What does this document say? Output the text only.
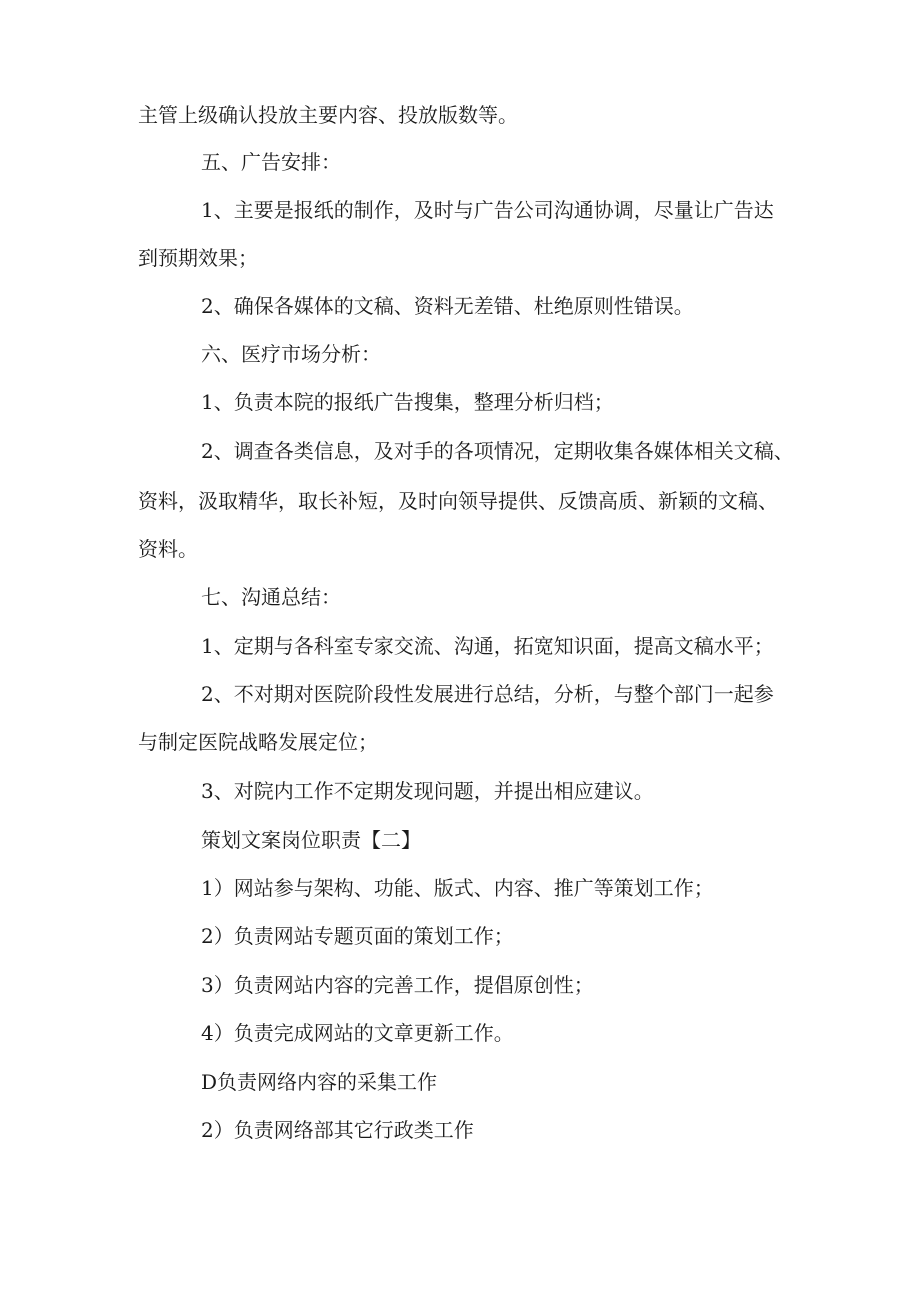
主管上级确认投放主要内容、投放版数等。

五、广告安排：

1、主要是报纸的制作，及时与广告公司沟通协调，尽量让广告达

到预期效果；

2、确保各媒体的文稿、资料无差错、杜绝原则性错误。

六、医疗市场分析：

1、负责本院的报纸广告搜集，整理分析归档；

2、调查各类信息，及对手的各项情况，定期收集各媒体相关文稿、

资料，汲取精华，取长补短，及时向领导提供、反馈高质、新颖的文稿、

资料。

七、沟通总结：

1、定期与各科室专家交流、沟通，拓宽知识面，提高文稿水平；

2、不对期对医院阶段性发展进行总结，分析，与整个部门一起参

与制定医院战略发展定位；

3、对院内工作不定期发现问题，并提出相应建议。

策划文案岗位职责【二】

1）网站参与架构、功能、版式、内容、推广等策划工作；

2）负责网站专题页面的策划工作；

3）负责网站内容的完善工作，提倡原创性；

4）负责完成网站的文章更新工作。

D负责网络内容的采集工作

2）负责网络部其它行政类工作
